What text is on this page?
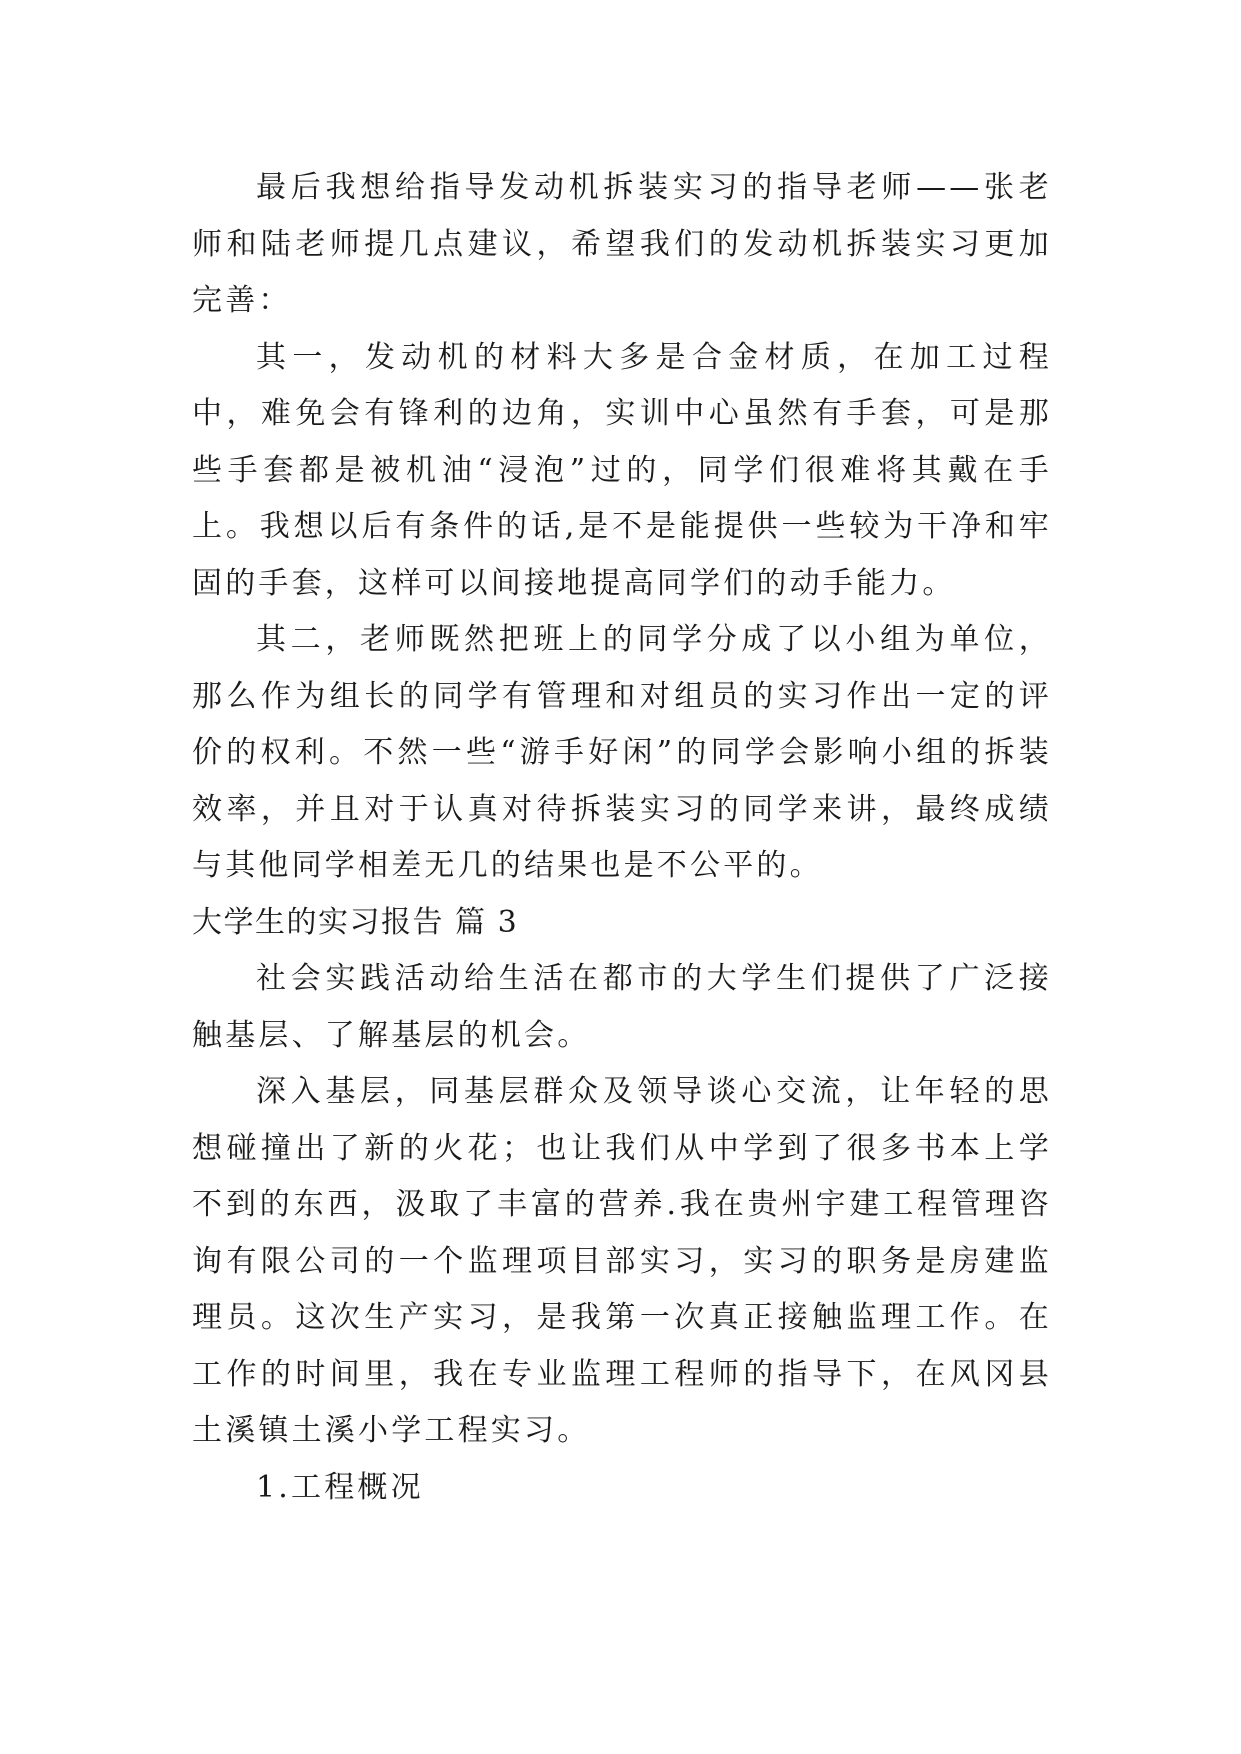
最后我想给指导发动机拆装实习的指导老师——张老师和陆老师提几点建议，希望我们的发动机拆装实习更加完善：

其一，发动机的材料大多是合金材质，在加工过程中，难免会有锋利的边角，实训中心虽然有手套，可是那些手套都是被机油“浸泡”过的，同学们很难将其戴在手上。我想以后有条件的话,是不是能提供一些较为干净和牢固的手套，这样可以间接地提高同学们的动手能力。

其二，老师既然把班上的同学分成了以小组为单位，那么作为组长的同学有管理和对组员的实习作出一定的评价的权利。不然一些“游手好闲”的同学会影响小组的拆装效率，并且对于认真对待拆装实习的同学来讲，最终成绩与其他同学相差无几的结果也是不公平的。

大学生的实习报告 篇 3

社会实践活动给生活在都市的大学生们提供了广泛接触基层、了解基层的机会。

深入基层，同基层群众及领导谈心交流，让年轻的思想碰撞出了新的火花；也让我们从中学到了很多书本上学不到的东西，汲取了丰富的营养.我在贵州宇建工程管理咨询有限公司的一个监理项目部实习，实习的职务是房建监理员。这次生产实习，是我第一次真正接触监理工作。在工作的时间里，我在专业监理工程师的指导下，在风冈县土溪镇土溪小学工程实习。

1.工程概况
